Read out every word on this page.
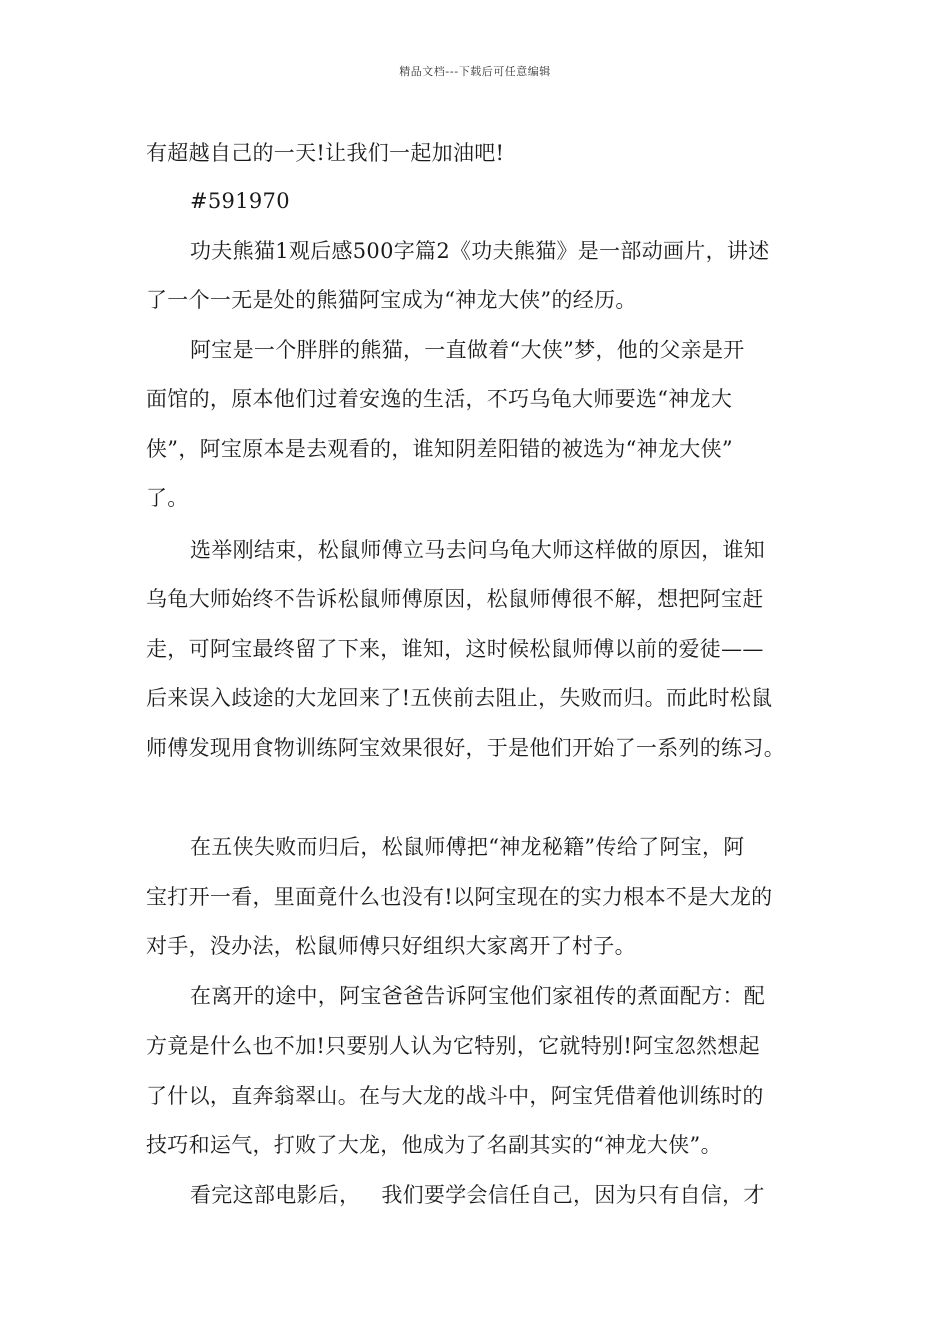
精品文档---下载后可任意编辑
有超越自己的一天!让我们一起加油吧!
#591970
功夫熊猫1观后感500字篇2《功夫熊猫》是一部动画片，讲述
了一个一无是处的熊猫阿宝成为“神龙大侠”的经历。
阿宝是一个胖胖的熊猫，一直做着“大侠”梦，他的父亲是开
面馆的，原本他们过着安逸的生活，不巧乌龟大师要选“神龙大
侠”，阿宝原本是去观看的，谁知阴差阳错的被选为“神龙大侠”
了。
选举刚结束，松鼠师傅立马去问乌龟大师这样做的原因，谁知
乌龟大师始终不告诉松鼠师傅原因，松鼠师傅很不解，想把阿宝赶
走，可阿宝最终留了下来，谁知，这时候松鼠师傅以前的爱徒——
后来误入歧途的大龙回来了!五侠前去阻止，失败而归。而此时松鼠
师傅发现用食物训练阿宝效果很好，于是他们开始了一系列的练习。
在五侠失败而归后，松鼠师傅把“神龙秘籍”传给了阿宝，阿
宝打开一看，里面竟什么也没有!以阿宝现在的实力根本不是大龙的
对手，没办法，松鼠师傅只好组织大家离开了村子。
在离开的途中，阿宝爸爸告诉阿宝他们家祖传的煮面配方：配
方竟是什么也不加!只要别人认为它特别，它就特别!阿宝忽然想起
了什以，直奔翁翠山。在与大龙的战斗中，阿宝凭借着他训练时的
技巧和运气，打败了大龙，他成为了名副其实的“神龙大侠”。
看完这部电影后，   我们要学会信任自己，因为只有自信，才
